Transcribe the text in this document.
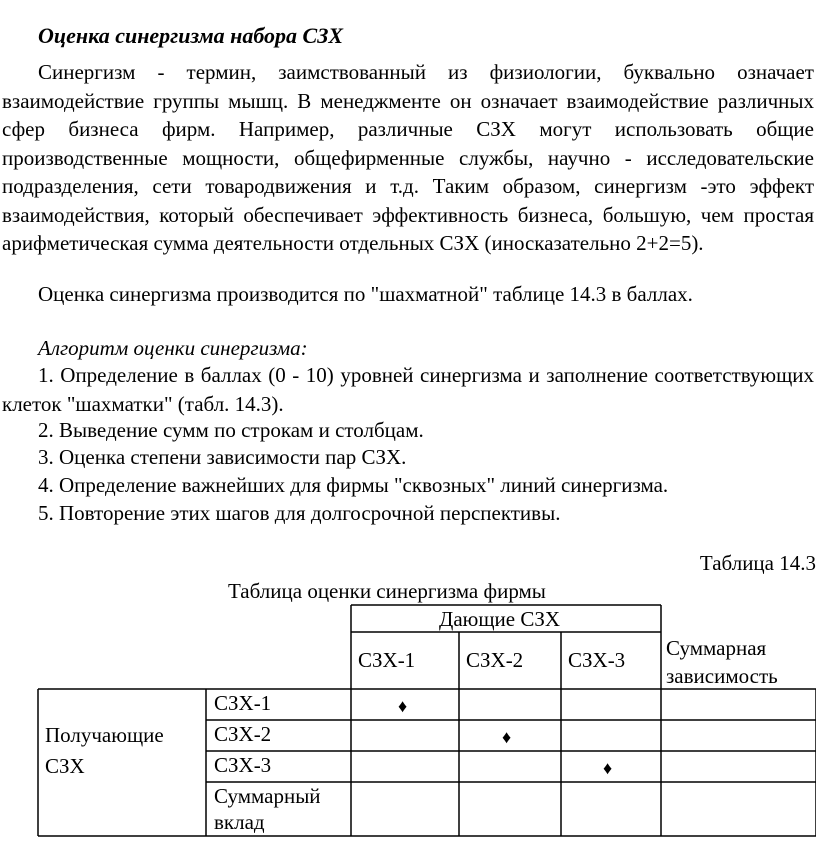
Оценка синергизма набора СЗХ

Синергизм - термин, заимствованный из физиологии, буквально означает взаимодействие группы мышц. В менеджменте он означает взаимодействие различных сфер бизнеса фирм. Например, различные СЗХ могут использовать общие производственные мощности, общефирменные службы, научно - исследовательские подразделения, сети товародвижения и т.д. Таким образом, синергизм -это эффект взаимодействия, который обеспечивает эффективность бизнеса, большую, чем простая арифметическая сумма деятельности отдельных СЗХ (иносказательно 2+2=5).

Оценка синергизма производится по "шахматной" таблице 14.3 в баллах.

Алгоритм оценки синергизма:

1. Определение в баллах (0 - 10) уровней синергизма и заполнение соответствующих клеток "шахматки" (табл. 14.3).

2. Выведение сумм по строкам и столбцам.

3. Оценка степени зависимости пар СЗХ.

4. Определение важнейших для фирмы "сквозных" линий синергизма.

5. Повторение этих шагов для долгосрочной перспективы.

Таблица 14.3
Таблица оценки синергизма фирмы
Дающие СЗХ
СЗХ-1 СЗХ-2 СЗХ-3 Суммарная
зависимость
Получающие
СЗХ
СЗХ-1
СЗХ-2
СЗХ-3
Суммарный
вклад
♦
♦
♦
